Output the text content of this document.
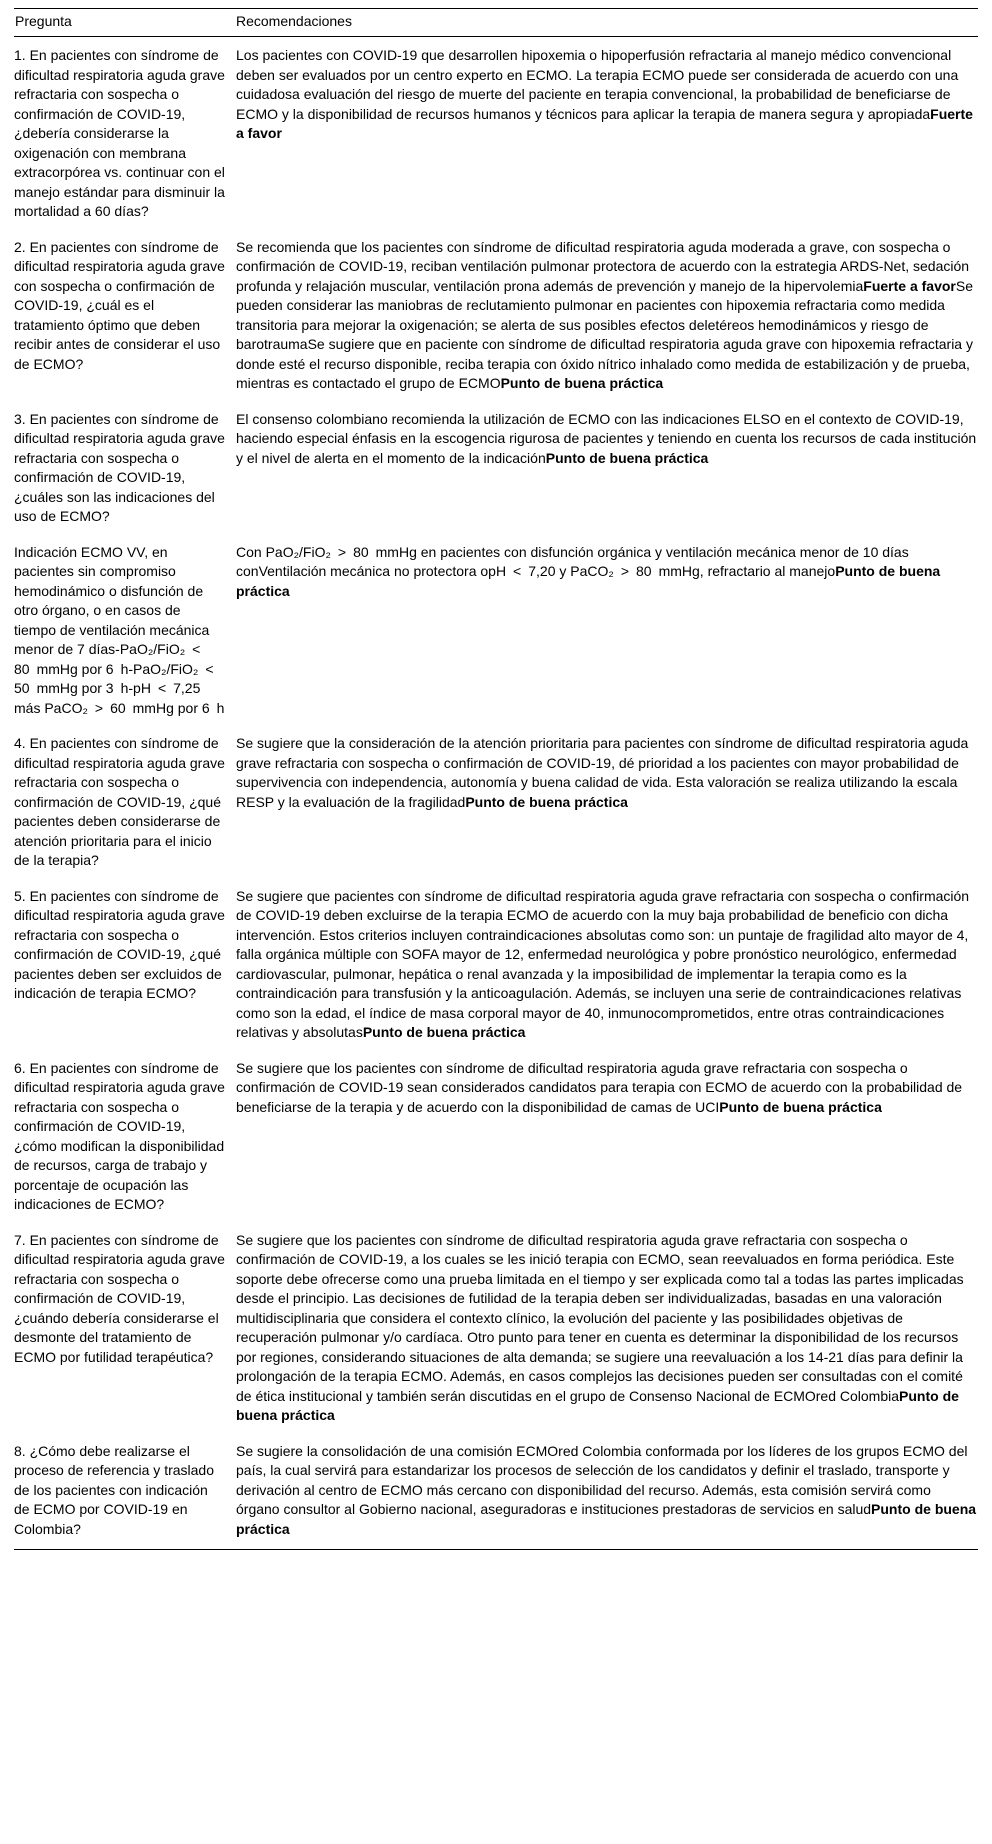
Pregunta	Recomendaciones
1. En pacientes con síndrome de dificultad respiratoria aguda grave refractaria con sospecha o confirmación de COVID-19, ¿debería considerarse la oxigenación con membrana extracorpórea vs. continuar con el manejo estándar para disminuir la mortalidad a 60 días?
Los pacientes con COVID-19 que desarrollen hipoxemia o hipoperfusión refractaria al manejo médico convencional deben ser evaluados por un centro experto en ECMO. La terapia ECMO puede ser considerada de acuerdo con una cuidadosa evaluación del riesgo de muerte del paciente en terapia convencional, la probabilidad de beneficiarse de ECMO y la disponibilidad de recursos humanos y técnicos para aplicar la terapia de manera segura y apropiadaFuerte a favor
2. En pacientes con síndrome de dificultad respiratoria aguda grave con sospecha o confirmación de COVID-19, ¿cuál es el tratamiento óptimo que deben recibir antes de considerar el uso de ECMO?
Se recomienda que los pacientes con síndrome de dificultad respiratoria aguda moderada a grave, con sospecha o confirmación de COVID-19, reciban ventilación pulmonar protectora de acuerdo con la estrategia ARDS-Net, sedación profunda y relajación muscular, ventilación prona además de prevención y manejo de la hipervolemiaFuerte a favorSe pueden considerar las maniobras de reclutamiento pulmonar en pacientes con hipoxemia refractaria como medida transitoria para mejorar la oxigenación; se alerta de sus posibles efectos deletéreos hemodinámicos y riesgo de barotraumaSe sugiere que en paciente con síndrome de dificultad respiratoria aguda grave con hipoxemia refractaria y donde esté el recurso disponible, reciba terapia con óxido nítrico inhalado como medida de estabilización y de prueba, mientras es contactado el grupo de ECMOPunto de buena práctica
3. En pacientes con síndrome de dificultad respiratoria aguda grave refractaria con sospecha o confirmación de COVID-19, ¿cuáles son las indicaciones del uso de ECMO?
El consenso colombiano recomienda la utilización de ECMO con las indicaciones ELSO en el contexto de COVID-19, haciendo especial énfasis en la escogencia rigurosa de pacientes y teniendo en cuenta los recursos de cada institución y el nivel de alerta en el momento de la indicaciónPunto de buena práctica
Indicación ECMO VV, en pacientes sin compromiso hemodinámico o disfunción de otro órgano, o en casos de tiempo de ventilación mecánica menor de 7 días-PaO₂/FiO₂ < 80 mmHg por 6 h-PaO₂/FiO₂ < 50 mmHg por 3 h-pH < 7,25 más PaCO₂ > 60 mmHg por 6 h
Con PaO₂/FiO₂ > 80 mmHg en pacientes con disfunción orgánica y ventilación mecánica menor de 10 días conVentilación mecánica no protectora opH < 7,20 y PaCO₂ > 80 mmHg, refractario al manejoPunto de buena práctica
4. En pacientes con síndrome de dificultad respiratoria aguda grave refractaria con sospecha o confirmación de COVID-19, ¿qué pacientes deben considerarse de atención prioritaria para el inicio de la terapia?
Se sugiere que la consideración de la atención prioritaria para pacientes con síndrome de dificultad respiratoria aguda grave refractaria con sospecha o confirmación de COVID-19, dé prioridad a los pacientes con mayor probabilidad de supervivencia con independencia, autonomía y buena calidad de vida. Esta valoración se realiza utilizando la escala RESP y la evaluación de la fragilidadPunto de buena práctica
5. En pacientes con síndrome de dificultad respiratoria aguda grave refractaria con sospecha o confirmación de COVID-19, ¿qué pacientes deben ser excluidos de indicación de terapia ECMO?
Se sugiere que pacientes con síndrome de dificultad respiratoria aguda grave refractaria con sospecha o confirmación de COVID-19 deben excluirse de la terapia ECMO de acuerdo con la muy baja probabilidad de beneficio con dicha intervención. Estos criterios incluyen contraindicaciones absolutas como son: un puntaje de fragilidad alto mayor de 4, falla orgánica múltiple con SOFA mayor de 12, enfermedad neurológica y pobre pronóstico neurológico, enfermedad cardiovascular, pulmonar, hepática o renal avanzada y la imposibilidad de implementar la terapia como es la contraindicación para transfusión y la anticoagulación. Además, se incluyen una serie de contraindicaciones relativas como son la edad, el índice de masa corporal mayor de 40, inmunocomprometidos, entre otras contraindicaciones relativas y absolutasPunto de buena práctica
6. En pacientes con síndrome de dificultad respiratoria aguda grave refractaria con sospecha o confirmación de COVID-19, ¿cómo modifican la disponibilidad de recursos, carga de trabajo y porcentaje de ocupación las indicaciones de ECMO?
Se sugiere que los pacientes con síndrome de dificultad respiratoria aguda grave refractaria con sospecha o confirmación de COVID-19 sean considerados candidatos para terapia con ECMO de acuerdo con la probabilidad de beneficiarse de la terapia y de acuerdo con la disponibilidad de camas de UCIPunto de buena práctica
7. En pacientes con síndrome de dificultad respiratoria aguda grave refractaria con sospecha o confirmación de COVID-19, ¿cuándo debería considerarse el desmonte del tratamiento de ECMO por futilidad terapéutica?
Se sugiere que los pacientes con síndrome de dificultad respiratoria aguda grave refractaria con sospecha o confirmación de COVID-19, a los cuales se les inició terapia con ECMO, sean reevaluados en forma periódica. Este soporte debe ofrecerse como una prueba limitada en el tiempo y ser explicada como tal a todas las partes implicadas desde el principio. Las decisiones de futilidad de la terapia deben ser individualizadas, basadas en una valoración multidisciplinaria que considera el contexto clínico, la evolución del paciente y las posibilidades objetivas de recuperación pulmonar y/o cardíaca. Otro punto para tener en cuenta es determinar la disponibilidad de los recursos por regiones, considerando situaciones de alta demanda; se sugiere una reevaluación a los 14-21 días para definir la prolongación de la terapia ECMO. Además, en casos complejos las decisiones pueden ser consultadas con el comité de ética institucional y también serán discutidas en el grupo de Consenso Nacional de ECMOred ColombiaPunto de buena práctica
8. ¿Cómo debe realizarse el proceso de referencia y traslado de los pacientes con indicación de ECMO por COVID-19 en Colombia?
Se sugiere la consolidación de una comisión ECMOred Colombia conformada por los líderes de los grupos ECMO del país, la cual servirá para estandarizar los procesos de selección de los candidatos y definir el traslado, transporte y derivación al centro de ECMO más cercano con disponibilidad del recurso. Además, esta comisión servirá como órgano consultor al Gobierno nacional, aseguradoras e instituciones prestadoras de servicios en saludPunto de buena práctica
